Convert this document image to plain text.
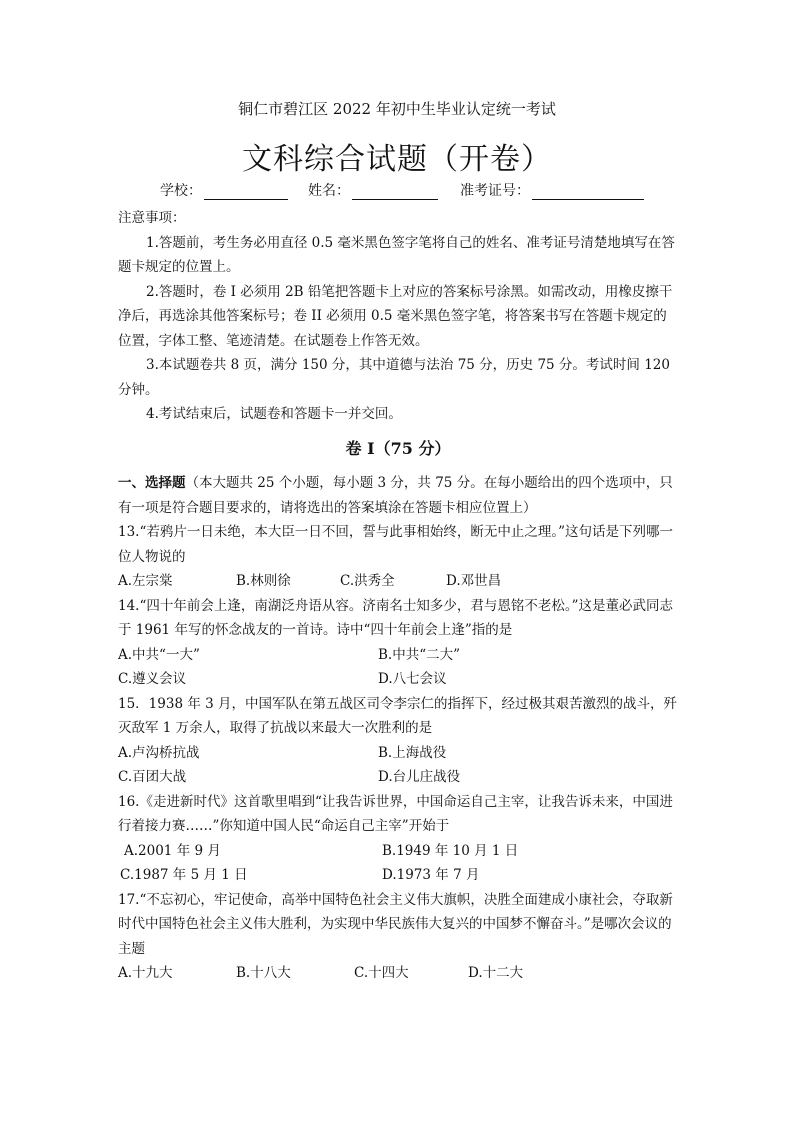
铜仁市碧江区 2022 年初中生毕业认定统一考试
文科综合试题（开卷）
学校：	姓名：	准考证号：
注意事项：
1.答题前，考生务必用直径 0.5 毫米黑色签字笔将自己的姓名、准考证号清楚地填写在答题卡规定的位置上。
2.答题时，卷 I 必须用 2B 铅笔把答题卡上对应的答案标号涂黑。如需改动，用橡皮擦干净后，再选涂其他答案标号；卷 II 必须用 0.5 毫米黑色签字笔，将答案书写在答题卡规定的位置，字体工整、笔迹清楚。在试题卷上作答无效。
3.本试题卷共 8 页，满分 150 分，其中道德与法治 75 分，历史 75 分。考试时间 120 分钟。
4.考试结束后，试题卷和答题卡一并交回。
卷 I（75 分）
一、选择题（本大题共 25 个小题，每小题 3 分，共 75 分。在每小题给出的四个选项中，只有一项是符合题目要求的，请将选出的答案填涂在答题卡相应位置上）
13.“若鸦片一日未绝，本大臣一日不回，誓与此事相始终，断无中止之理。”这句话是下列哪一位人物说的
A.左宗棠	B.林则徐	C.洪秀全	D.邓世昌
14.“四十年前会上逢，南湖泛舟语从容。济南名士知多少，君与恩铭不老松。”这是董必武同志于 1961 年写的怀念战友的一首诗。诗中“四十年前会上逢”指的是
A.中共“一大”	B.中共“二大”
C.遵义会议	D.八七会议
15．1938 年 3 月，中国军队在第五战区司令李宗仁的指挥下，经过极其艰苦激烈的战斗，歼灭敌军 1 万余人，取得了抗战以来最大一次胜利的是
A.卢沟桥抗战	B.上海战役
C.百团大战	D.台儿庄战役
16.《走进新时代》这首歌里唱到“让我告诉世界，中国命运自己主宰，让我告诉未来，中国进行着接力赛……”你知道中国人民“命运自己主宰”开始于
A.2001 年 9 月	B.1949 年 10 月 1 日
C.1987 年 5 月 1 日	D.1973 年 7 月
17.“不忘初心，牢记使命，高举中国特色社会主义伟大旗帜，决胜全面建成小康社会，夺取新时代中国特色社会主义伟大胜利，为实现中华民族伟大复兴的中国梦不懈奋斗。”是哪次会议的主题
A.十九大	B.十八大	C.十四大	D.十二大
